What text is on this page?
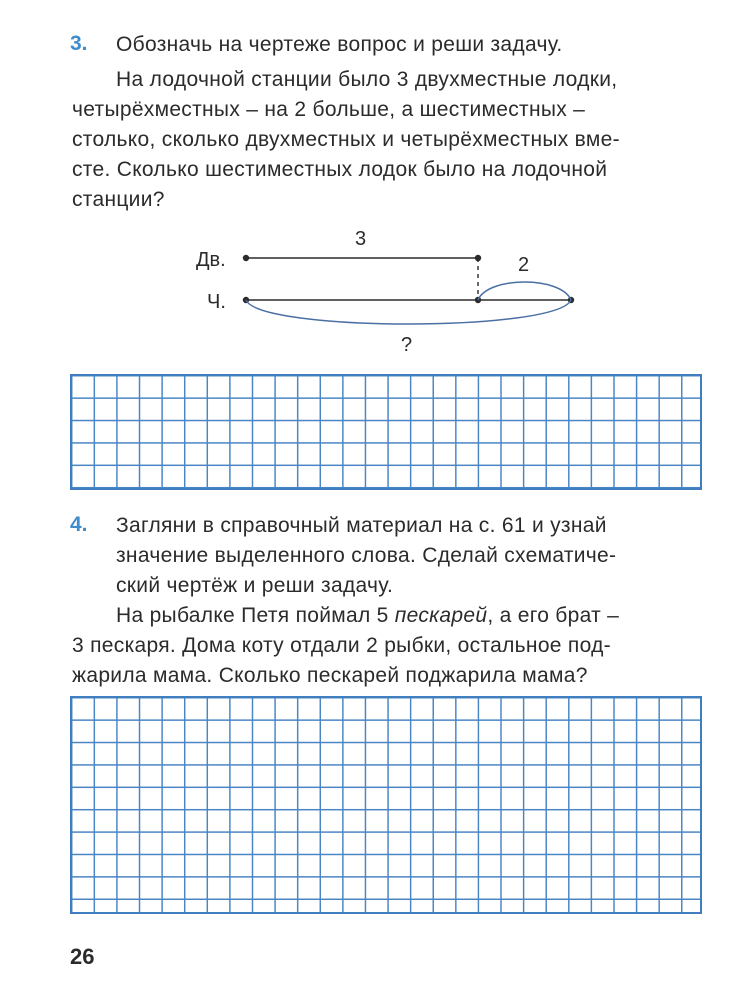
3. Обозначь на чертеже вопрос и реши задачу.
На лодочной станции было 3 двухместные лодки,
четырёхместных – на 2 больше, а шестиместных –
столько, сколько двухместных и четырёхместных вме-
сте. Сколько шестиместных лодок было на лодочной
станции?
Дв.
Ч.
3
2
?
4. Загляни в справочный материал на с. 61 и узнай
значение выделенного слова. Сделай схематиче-
ский чертёж и реши задачу.
На рыбалке Петя поймал 5 пескарей, а его брат –
3 пескаря. Дома коту отдали 2 рыбки, остальное под-
жарила мама. Сколько пескарей поджарила мама?
26
